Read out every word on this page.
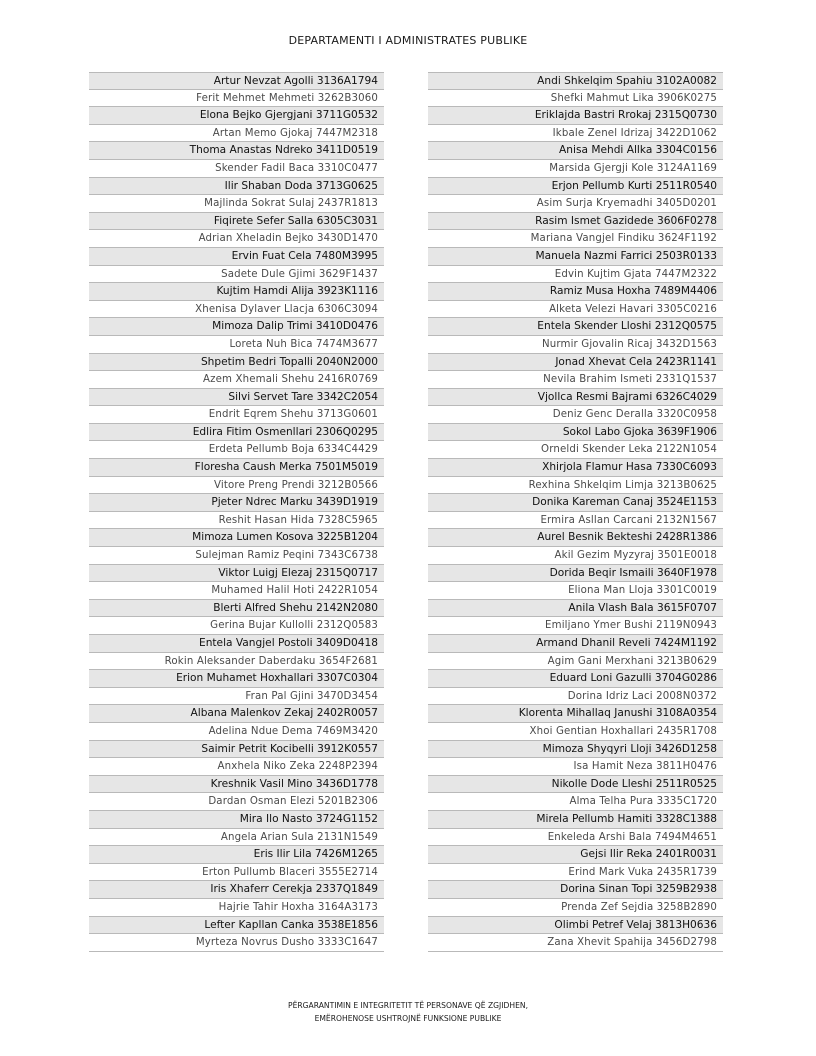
DEPARTAMENTI I ADMINISTRATES PUBLIKE
Artur Nevzat Agolli 3136A1794
Ferit Mehmet Mehmeti 3262B3060
Elona Bejko Gjergjani 3711G0532
Artan Memo Gjokaj 7447M2318
Thoma Anastas Ndreko 3411D0519
Skender Fadil Baca 3310C0477
Ilir Shaban Doda 3713G0625
Majlinda Sokrat Sulaj 2437R1813
Fiqirete Sefer Salla 6305C3031
Adrian Xheladin Bejko 3430D1470
Ervin Fuat Cela 7480M3995
Sadete Dule Gjimi 3629F1437
Kujtim Hamdi Alija 3923K1116
Xhenisa Dylaver Llacja 6306C3094
Mimoza Dalip Trimi 3410D0476
Loreta Nuh Bica 7474M3677
Shpetim Bedri Topalli 2040N2000
Azem Xhemali Shehu 2416R0769
Silvi Servet Tare 3342C2054
Endrit Eqrem Shehu 3713G0601
Edlira Fitim Osmenllari 2306Q0295
Erdeta Pellumb Boja 6334C4429
Floresha Caush Merka 7501M5019
Vitore Preng Prendi 3212B0566
Pjeter Ndrec Marku 3439D1919
Reshit Hasan Hida 7328C5965
Mimoza Lumen Kosova 3225B1204
Sulejman Ramiz Peqini 7343C6738
Viktor Luigj Elezaj 2315Q0717
Muhamed Halil Hoti 2422R1054
Blerti Alfred Shehu 2142N2080
Gerina Bujar Kullolli 2312Q0583
Entela Vangjel Postoli 3409D0418
Rokin Aleksander Daberdaku 3654F2681
Erion Muhamet Hoxhallari 3307C0304
Fran Pal Gjini 3470D3454
Albana Malenkov Zekaj 2402R0057
Adelina Ndue Dema 7469M3420
Saimir Petrit Kocibelli 3912K0557
Anxhela Niko Zeka 2248P2394
Kreshnik Vasil Mino 3436D1778
Dardan Osman Elezi 5201B2306
Mira Ilo Nasto 3724G1152
Angela Arian Sula 2131N1549
Eris Ilir Lila 7426M1265
Erton Pullumb Blaceri 3555E2714
Iris Xhaferr Cerekja 2337Q1849
Hajrie Tahir Hoxha 3164A3173
Lefter Kapllan Canka 3538E1856
Myrteza Novrus Dusho 3333C1647
Andi Shkelqim Spahiu 3102A0082
Shefki Mahmut Lika 3906K0275
Eriklajda Bastri Rrokaj 2315Q0730
Ikbale Zenel Idrizaj 3422D1062
Anisa Mehdi Allka 3304C0156
Marsida Gjergji Kole 3124A1169
Erjon Pellumb Kurti 2511R0540
Asim Surja Kryemadhi 3405D0201
Rasim Ismet Gazidede 3606F0278
Mariana Vangjel Findiku 3624F1192
Manuela Nazmi Farrici 2503R0133
Edvin Kujtim Gjata 7447M2322
Ramiz Musa Hoxha 7489M4406
Alketa Velezi Havari 3305C0216
Entela Skender Lloshi 2312Q0575
Nurmir Gjovalin Ricaj 3432D1563
Jonad Xhevat Cela 2423R1141
Nevila Brahim Ismeti 2331Q1537
Vjollca Resmi Bajrami 6326C4029
Deniz Genc Deralla 3320C0958
Sokol Labo Gjoka 3639F1906
Orneldi Skender Leka 2122N1054
Xhirjola Flamur Hasa 7330C6093
Rexhina Shkelqim Limja 3213B0625
Donika Kareman Canaj 3524E1153
Ermira Asllan Carcani 2132N1567
Aurel Besnik Bekteshi 2428R1386
Akil Gezim Myzyraj 3501E0018
Dorida Beqir Ismaili 3640F1978
Eliona Man Lloja 3301C0019
Anila Vlash Bala 3615F0707
Emiljano Ymer Bushi 2119N0943
Armand Dhanil Reveli 7424M1192
Agim Gani Merxhani 3213B0629
Eduard Loni Gazulli 3704G0286
Dorina Idriz Laci 2008N0372
Klorenta Mihallaq Janushi 3108A0354
Xhoi Gentian Hoxhallari 2435R1708
Mimoza Shyqyri Lloji 3426D1258
Isa Hamit Neza 3811H0476
Nikolle Dode Lleshi 2511R0525
Alma Telha Pura 3335C1720
Mirela Pellumb Hamiti 3328C1388
Enkeleda Arshi Bala 7494M4651
Gejsi Ilir Reka 2401R0031
Erind Mark Vuka 2435R1739
Dorina Sinan Topi 3259B2938
Prenda Zef Sejdia 3258B2890
Olimbi Petref Velaj 3813H0636
Zana Xhevit Spahija 3456D2798
PËRGARANTIMIN E INTEGRITETIT TË PERSONAVE QË ZGJIDHEN,
EMËROHENOSE USHTROJNË FUNKSIONE PUBLIKE
